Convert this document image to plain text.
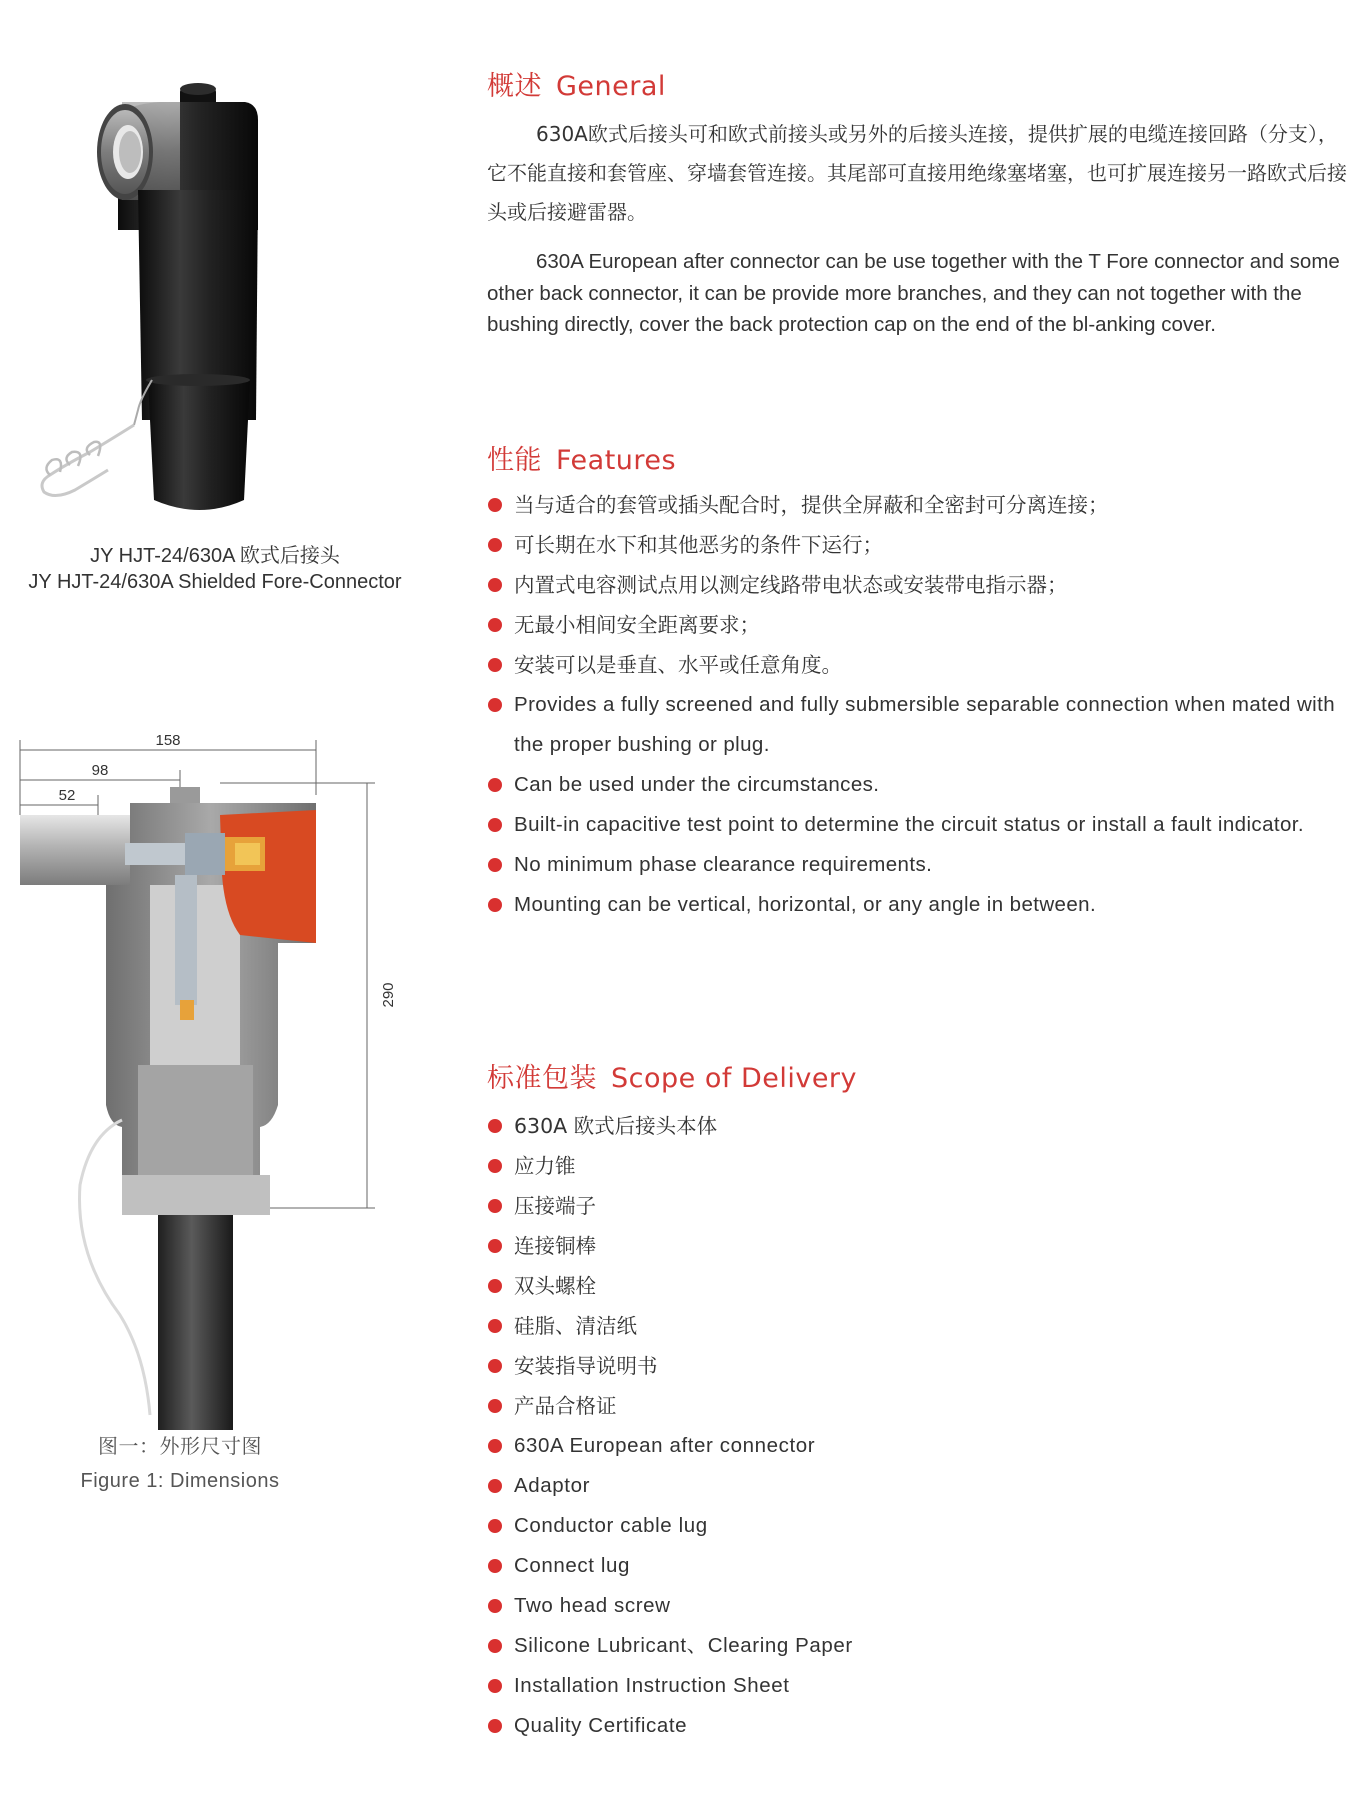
JY HJT-24/630A 欧式后接头
JY HJT-24/630A Shielded Fore-Connector
158
98
52
290
图一：外形尺寸图
Figure 1: Dimensions
概述 General

630A欧式后接头可和欧式前接头或另外的后接头连接，提供扩展的电缆连接回路（分支），它不能直接和套管座、穿墙套管连接。其尾部可直接用绝缘塞堵塞，也可扩展连接另一路欧式后接头或后接避雷器。

630A European after connector can be use together with the T Fore connector and some other back connector, it can be provide more branches, and they can not together with the bushing directly, cover the back protection cap on the end of the bl-anking cover.

性能 Features
当与适合的套管或插头配合时，提供全屏蔽和全密封可分离连接；
可长期在水下和其他恶劣的条件下运行；
内置式电容测试点用以测定线路带电状态或安装带电指示器；
无最小相间安全距离要求；
安装可以是垂直、水平或任意角度。
Provides a fully screened and fully submersible separable connection when mated with the proper bushing or plug.
Can be used under the circumstances.
Built-in capacitive test point to determine the circuit status or install a fault indicator.
No minimum phase clearance requirements.
Mounting can be vertical, horizontal, or any angle in between.
标准包装 Scope of Delivery
630A 欧式后接头本体
应力锥
压接端子
连接铜棒
双头螺栓
硅脂、清洁纸
安装指导说明书
产品合格证
630A European after connector
Adaptor
Conductor cable lug
Connect lug
Two head screw
Silicone Lubricant、Clearing Paper
Installation Instruction Sheet
Quality Certificate
